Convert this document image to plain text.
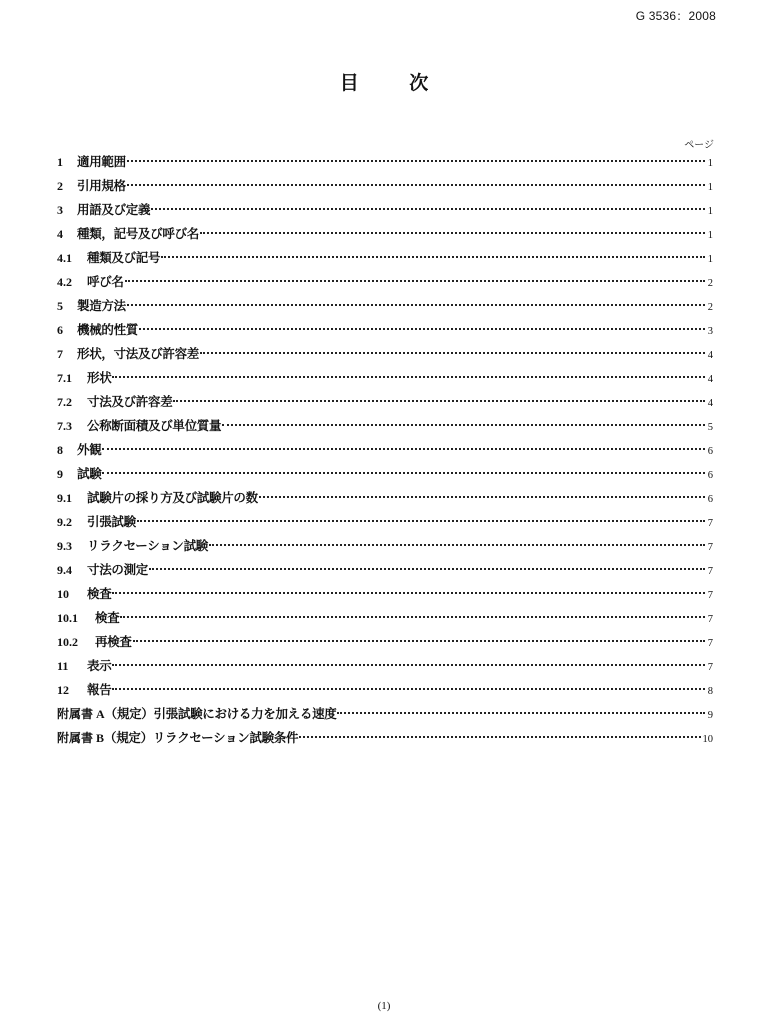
G 3536：2008
目 次
ページ
1	適用範囲	1
2	引用規格	1
3	用語及び定義	1
4	種類，記号及び呼び名	1
4.1	種類及び記号	1
4.2	呼び名	2
5	製造方法	2
6	機械的性質	3
7	形状，寸法及び許容差	4
7.1	形状	4
7.2	寸法及び許容差	4
7.3	公称断面積及び単位質量	5
8	外観	6
9	試験	6
9.1	試験片の採り方及び試験片の数	6
9.2	引張試験	7
9.3	リラクセーション試験	7
9.4	寸法の測定	7
10	検査	7
10.1	検査	7
10.2	再検査	7
11	表示	7
12	報告	8
附属書 A （規定）引張試験における力を加える速度	9
附属書 B （規定）リラクセーション試験条件	10
(1)
